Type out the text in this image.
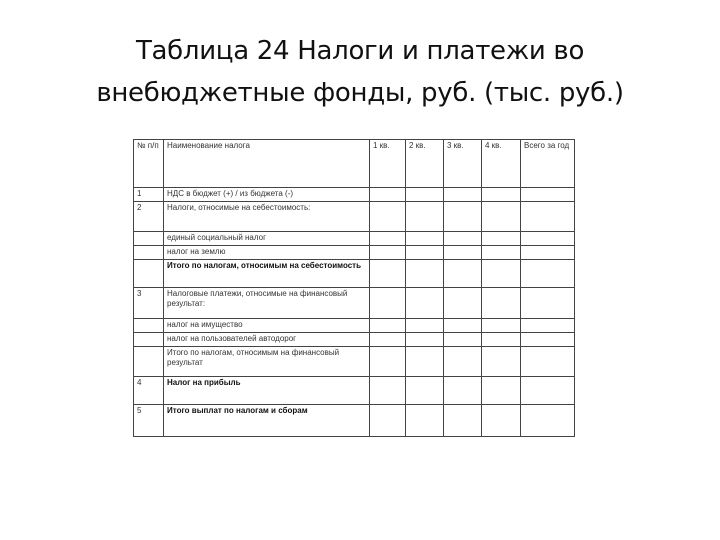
Таблица 24 Налоги и платежи во
внебюджетные фонды, руб. (тыс. руб.)
№ п/п	Наименование налога	1 кв.	2 кв.	3 кв.	4 кв.	Всего за год
1	НДС в бюджет (+) / из бюджета (-)					
2	Налоги, относимые на себестоимость:					
	единый социальный налог					
	налог на землю					
	Итого по налогам, относимым на себестоимость					
3	Налоговые платежи, относимые на финансовый результат:					
	налог на имущество					
	налог на пользователей автодорог					
	Итого по налогам, относимым на финансовый результат					
4	Налог на прибыль					
5	Итого выплат по налогам и сборам					
